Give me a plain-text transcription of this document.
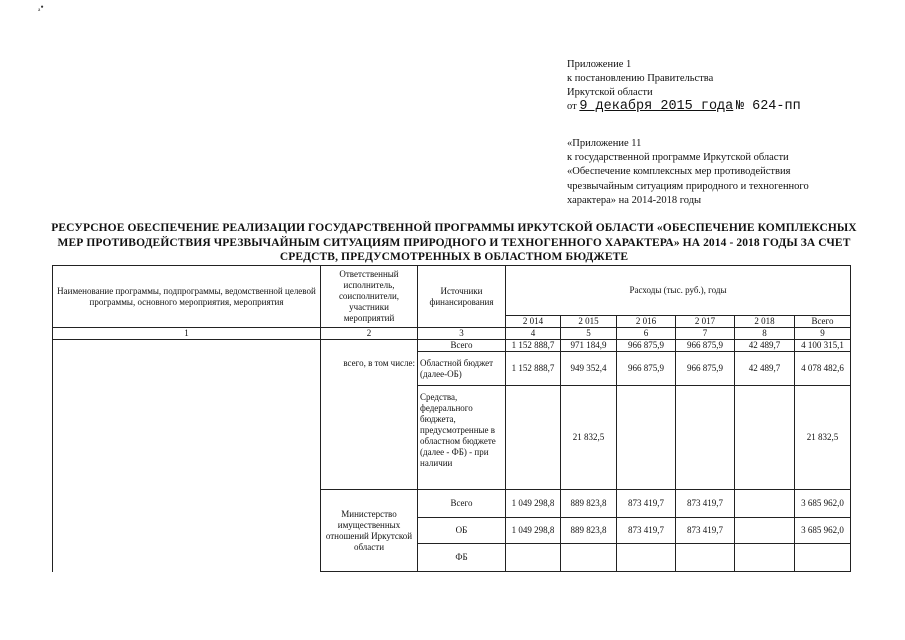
ₐ•
Приложение 1
к постановлению Правительства
Иркутской области
от 9 декабря 2015 года № 624-пп
«Приложение 11
к государственной программе Иркутской области
«Обеспечение комплексных мер противодействия
чрезвычайным ситуациям природного и техногенного
характера» на 2014-2018 годы
РЕСУРСНОЕ ОБЕСПЕЧЕНИЕ РЕАЛИЗАЦИИ ГОСУДАРСТВЕННОЙ ПРОГРАММЫ ИРКУТСКОЙ ОБЛАСТИ «ОБЕСПЕЧЕНИЕ КОМПЛЕКСНЫХ
МЕР ПРОТИВОДЕЙСТВИЯ ЧРЕЗВЫЧАЙНЫМ СИТУАЦИЯМ ПРИРОДНОГО И ТЕХНОГЕННОГО ХАРАКТЕРА» НА 2014 - 2018 ГОДЫ ЗА СЧЕТ
СРЕДСТВ, ПРЕДУСМОТРЕННЫХ В ОБЛАСТНОМ БЮДЖЕТЕ
Наименование программы, подпрограммы, ведомственной целевой программы, основного мероприятия, мероприятия	Ответственный исполнитель, соисполнители, участники мероприятий	Источники финансирования	Расходы (тыс. руб.), годы					
			2 014	2 015	2 016	2 017	2 018	Всего
1	2	3	4	5	6	7	8	9
		Всего	1 152 888,7	971 184,9	966 875,9	966 875,9	42 489,7	4 100 315,1
	всего, в том числе:	Областной бюджет (далее-ОБ)	1 152 888,7	949 352,4	966 875,9	966 875,9	42 489,7	4 078 482,6
		Средства, федерального бюджета, предусмотренные в областном бюджете (далее - ФБ) - при наличии		21 832,5				21 832,5
	Министерство имущественных отношений Иркутской области	Всего	1 049 298,8	889 823,8	873 419,7	873 419,7		3 685 962,0
		ОБ	1 049 298,8	889 823,8	873 419,7	873 419,7		3 685 962,0
		ФБ						
